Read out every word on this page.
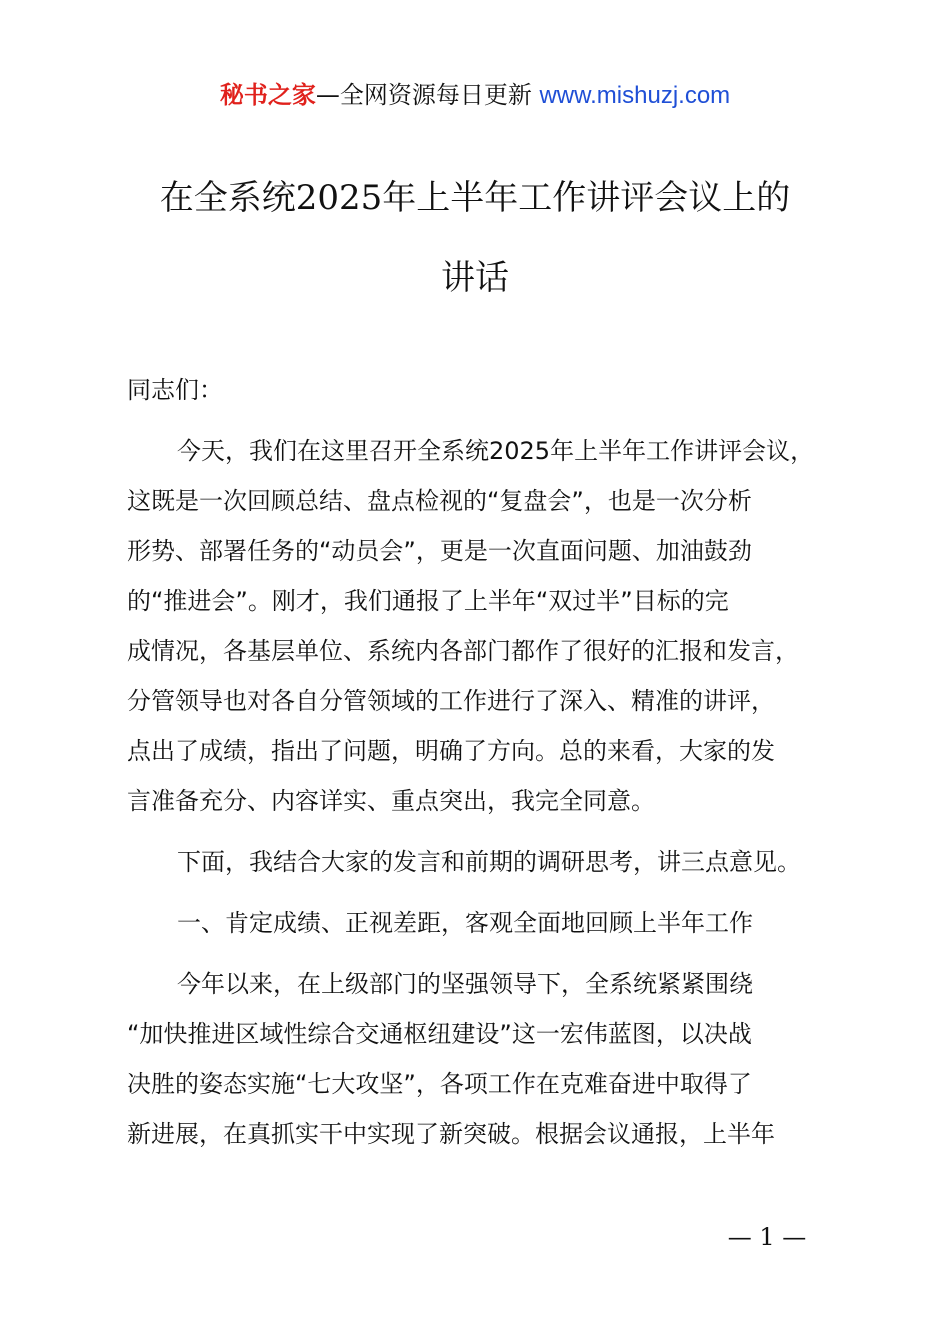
秘书之家—全网资源每日更新 www.mishuzj.com
在全系统2025年上半年工作讲评会议上的
讲话

同志们：

今天，我们在这里召开全系统2025年上半年工作讲评会议，
这既是一次回顾总结、盘点检视的“复盘会”，也是一次分析
形势、部署任务的“动员会”，更是一次直面问题、加油鼓劲
的“推进会”。刚才，我们通报了上半年“双过半”目标的完
成情况，各基层单位、系统内各部门都作了很好的汇报和发言，
分管领导也对各自分管领域的工作进行了深入、精准的讲评，
点出了成绩，指出了问题，明确了方向。总的来看，大家的发
言准备充分、内容详实、重点突出，我完全同意。

下面，我结合大家的发言和前期的调研思考，讲三点意见。

一、肯定成绩、正视差距，客观全面地回顾上半年工作

今年以来，在上级部门的坚强领导下，全系统紧紧围绕
“加快推进区域性综合交通枢纽建设”这一宏伟蓝图，以决战
决胜的姿态实施“七大攻坚”，各项工作在克难奋进中取得了
新进展，在真抓实干中实现了新突破。根据会议通报，上半年

— 1 —
